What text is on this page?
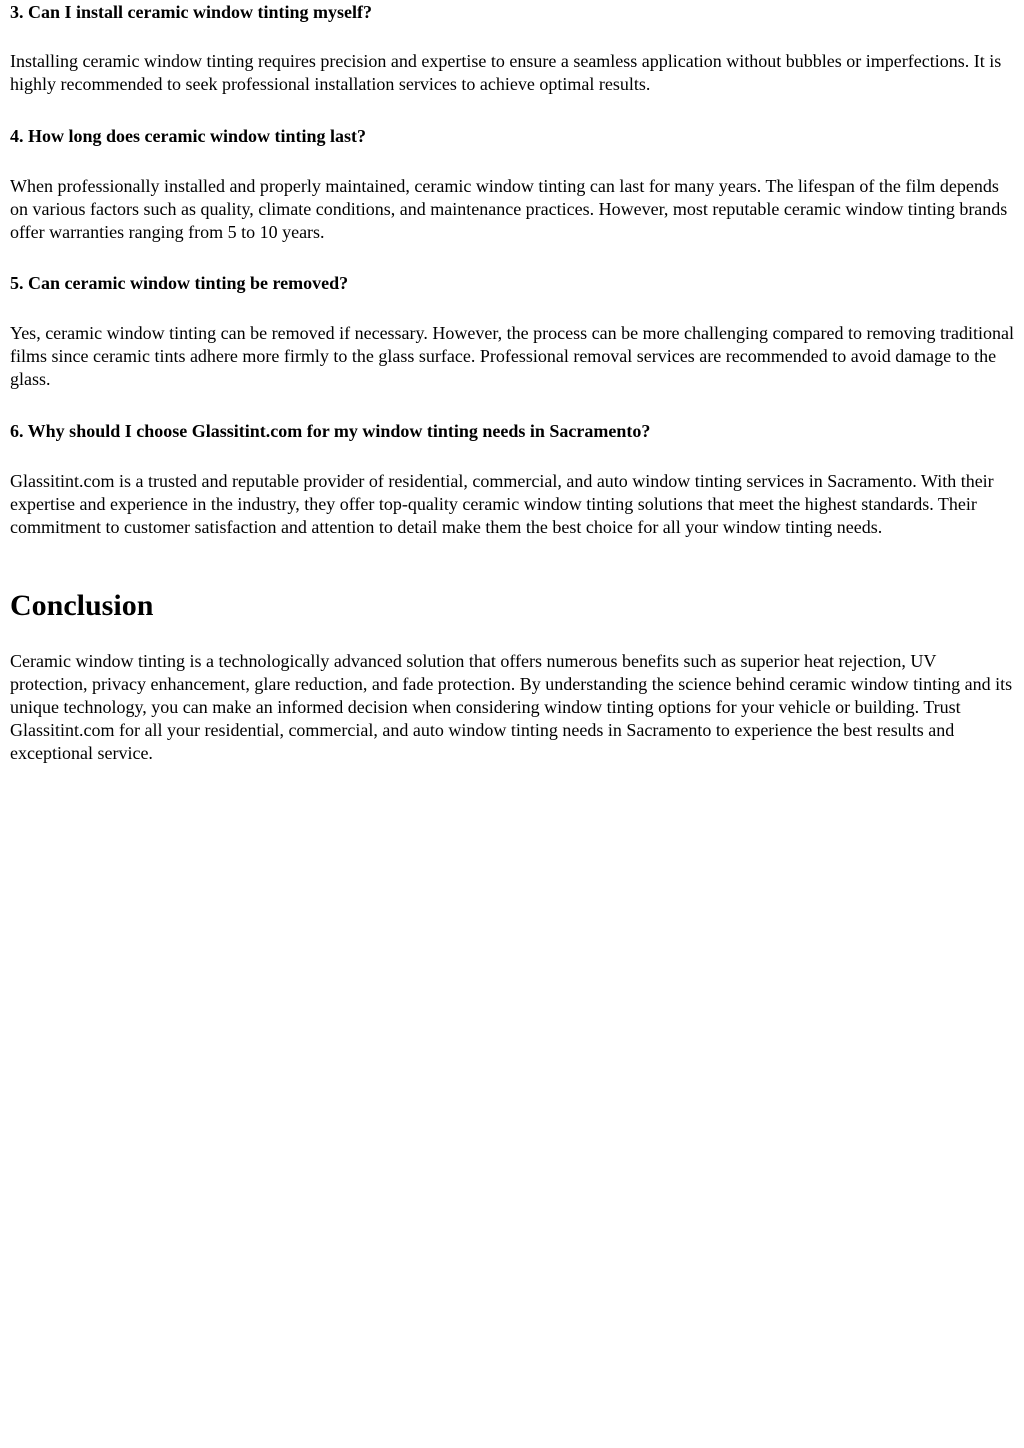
3. Can I install ceramic window tinting myself?

Installing ceramic window tinting requires precision and expertise to ensure a seamless application without bubbles or imperfections. It is highly recommended to seek professional installation services to achieve optimal results.

4. How long does ceramic window tinting last?

When professionally installed and properly maintained, ceramic window tinting can last for many years. The lifespan of the film depends on various factors such as quality, climate conditions, and maintenance practices. However, most reputable ceramic window tinting brands offer warranties ranging from 5 to 10 years.

5. Can ceramic window tinting be removed?

Yes, ceramic window tinting can be removed if necessary. However, the process can be more challenging compared to removing traditional films since ceramic tints adhere more firmly to the glass surface. Professional removal services are recommended to avoid damage to the glass.

6. Why should I choose Glassitint.com for my window tinting needs in Sacramento?

Glassitint.com is a trusted and reputable provider of residential, commercial, and auto window tinting services in Sacramento. With their expertise and experience in the industry, they offer top-quality ceramic window tinting solutions that meet the highest standards. Their commitment to customer satisfaction and attention to detail make them the best choice for all your window tinting needs.

Conclusion

Ceramic window tinting is a technologically advanced solution that offers numerous benefits such as superior heat rejection, UV protection, privacy enhancement, glare reduction, and fade protection. By understanding the science behind ceramic window tinting and its unique technology, you can make an informed decision when considering window tinting options for your vehicle or building. Trust Glassitint.com for all your residential, commercial, and auto window tinting needs in Sacramento to experience the best results and exceptional service.
